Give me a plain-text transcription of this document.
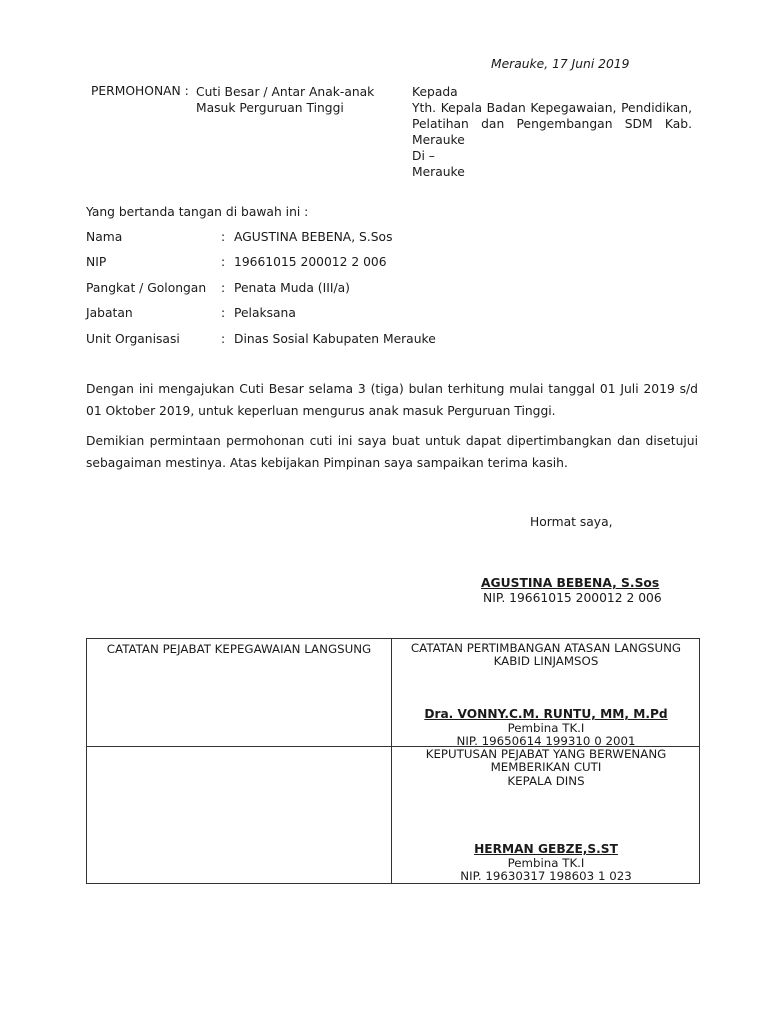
Merauke, 17 Juni 2019
PERMOHONAN : Cuti Besar / Antar Anak-anak
Masuk Perguruan Tinggi
Kepada
Yth. Kepala Badan Kepegawaian, Pendidikan,
Pelatihan dan Pengembangan SDM Kab.
Merauke
Di –
Merauke
Yang bertanda tangan di bawah ini :
Nama	: AGUSTINA BEBENA, S.Sos
NIP	: 19661015 200012 2 006
Pangkat / Golongan : Penata Muda (III/a)
Jabatan	: Pelaksana
Unit Organisasi	: Dinas Sosial Kabupaten Merauke
Dengan ini mengajukan Cuti Besar selama 3 (tiga) bulan terhitung mulai tanggal 01 Juli 2019 s/d
01 Oktober 2019, untuk keperluan mengurus anak masuk Perguruan Tinggi.
Demikian permintaan permohonan cuti ini saya buat untuk dapat dipertimbangkan dan disetujui
sebagaiman mestinya. Atas kebijakan Pimpinan saya sampaikan terima kasih.
Hormat saya,
AGUSTINA BEBENA, S.Sos
NIP. 19661015 200012 2 006
CATATAN PEJABAT KEPEGAWAIAN LANGSUNG	CATATAN PERTIMBANGAN ATASAN LANGSUNG
KABID LINJAMSOS
Dra. VONNY.C.M. RUNTU, MM, M.Pd
Pembina TK.I
NIP. 19650614 199310 0 2001
KEPUTUSAN PEJABAT YANG BERWENANG
MEMBERIKAN CUTI
KEPALA DINS
HERMAN GEBZE,S.ST
Pembina TK.I
NIP. 19630317 198603 1 023
